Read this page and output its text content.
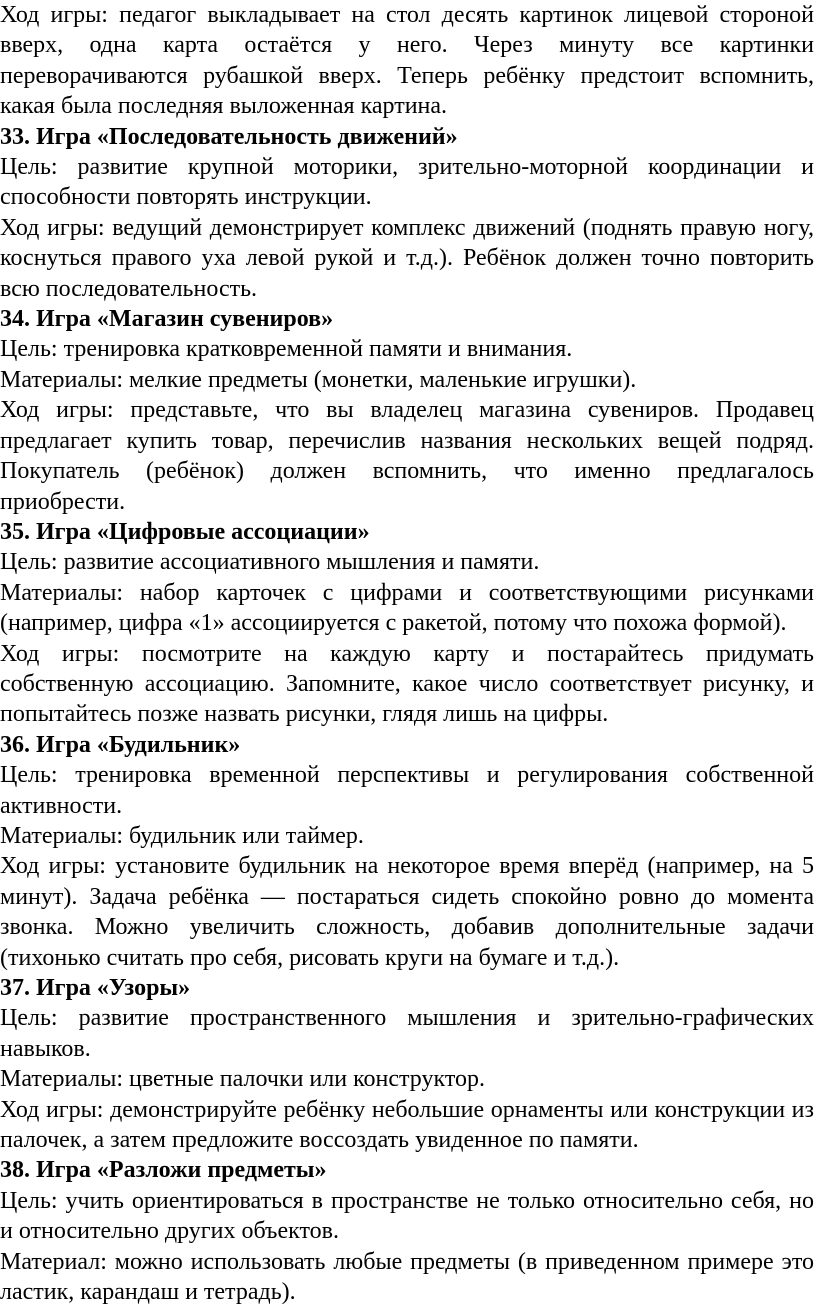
Ход игры: педагог выкладывает на стол десять картинок лицевой стороной вверх, одна карта остаётся у него. Через минуту все картинки переворачиваются рубашкой вверх. Теперь ребёнку предстоит вспомнить, какая была последняя выложенная картина.

33. Игра «Последовательность движений»

Цель: развитие крупной моторики, зрительно-моторной координации и способности повторять инструкции.

Ход игры: ведущий демонстрирует комплекс движений (поднять правую ногу, коснуться правого уха левой рукой и т.д.). Ребёнок должен точно повторить всю последовательность.

34. Игра «Магазин сувениров»

Цель: тренировка кратковременной памяти и внимания.

Материалы: мелкие предметы (монетки, маленькие игрушки).

Ход игры: представьте, что вы владелец магазина сувениров. Продавец предлагает купить товар, перечислив названия нескольких вещей подряд. Покупатель (ребёнок) должен вспомнить, что именно предлагалось приобрести.

35. Игра «Цифровые ассоциации»

Цель: развитие ассоциативного мышления и памяти.

Материалы: набор карточек с цифрами и соответствующими рисунками (например, цифра «1» ассоциируется с ракетой, потому что похожа формой).

Ход игры: посмотрите на каждую карту и постарайтесь придумать собственную ассоциацию. Запомните, какое число соответствует рисунку, и попытайтесь позже назвать рисунки, глядя лишь на цифры.

36. Игра «Будильник»

Цель: тренировка временной перспективы и регулирования собственной активности.

Материалы: будильник или таймер.

Ход игры: установите будильник на некоторое время вперёд (например, на 5 минут). Задача ребёнка — постараться сидеть спокойно ровно до момента звонка. Можно увеличить сложность, добавив дополнительные задачи (тихонько считать про себя, рисовать круги на бумаге и т.д.).

37. Игра «Узоры»

Цель: развитие пространственного мышления и зрительно-графических навыков.

Материалы: цветные палочки или конструктор.

Ход игры: демонстрируйте ребёнку небольшие орнаменты или конструкции из палочек, а затем предложите воссоздать увиденное по памяти.

38. Игра «Разложи предметы»

Цель: учить ориентироваться в пространстве не только относительно себя, но и относительно других объектов.

Материал: можно использовать любые предметы (в приведенном примере это ластик, карандаш и тетрадь).
